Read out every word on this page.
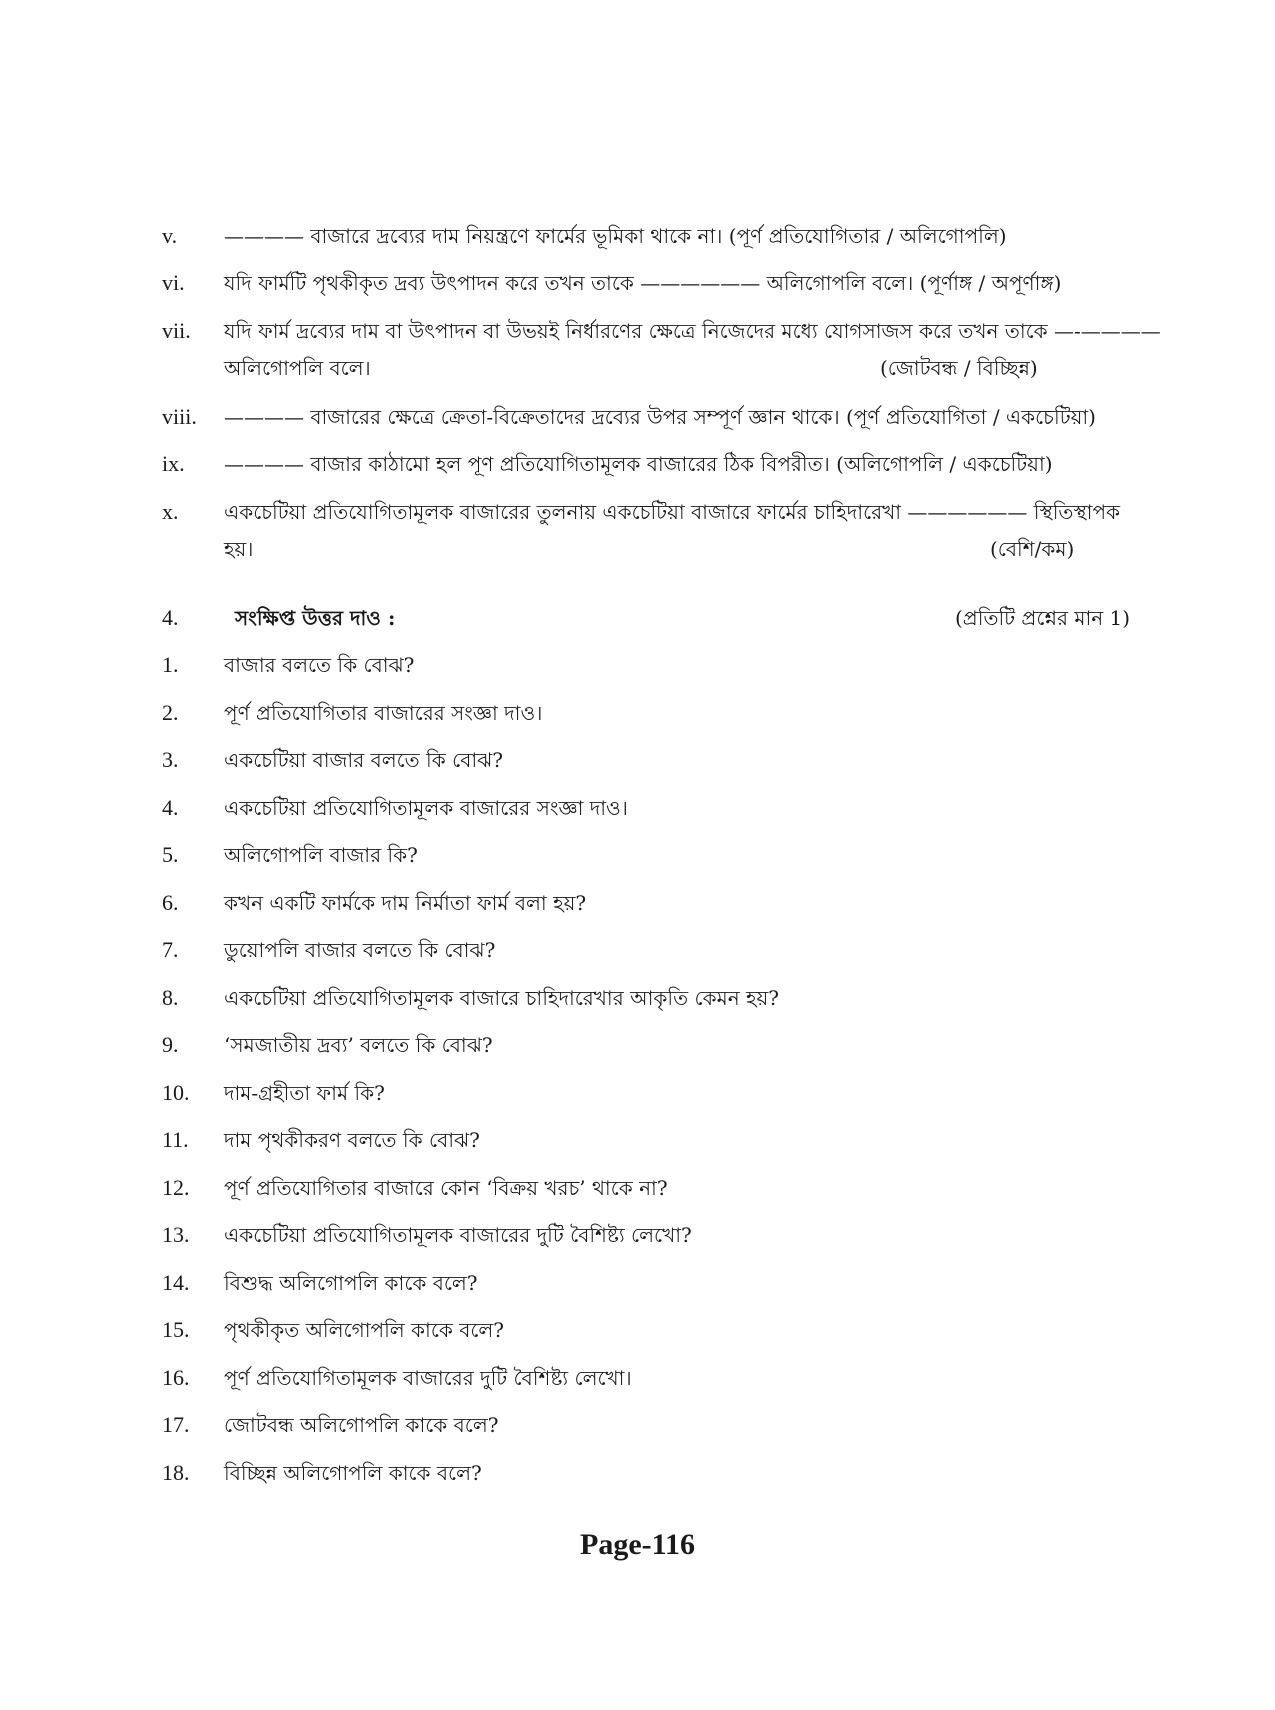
v.	———— বাজারে দ্রব্যের দাম নিয়ন্ত্রণে ফার্মের ভূমিকা থাকে না। (পূর্ণ প্রতিযোগিতার / অলিগোপলি)
vi.	যদি ফার্মটি পৃথকীকৃত দ্রব্য উৎপাদন করে তখন তাকে —————— অলিগোপলি বলে। (পূর্ণাঙ্গ / অপূর্ণাঙ্গ)
vii.	যদি ফার্ম দ্রব্যের দাম বা উৎপাদন বা উভয়ই নির্ধারণের ক্ষেত্রে নিজেদের মধ্যে যোগসাজস করে তখন তাকে —-————
অলিগোপলি বলে।	(জোটবন্ধ / বিচ্ছিন্ন)
viii.	———— বাজারের ক্ষেত্রে ক্রেতা-বিক্রেতাদের দ্রব্যের উপর সম্পূর্ণ জ্ঞান থাকে। (পূর্ণ প্রতিযোগিতা / একচেটিয়া)
ix.	———— বাজার কাঠামো হল পূণ প্রতিযোগিতামূলক বাজারের ঠিক বিপরীত। (অলিগোপলি / একচেটিয়া)
x.	একচেটিয়া প্রতিযোগিতামূলক বাজারের তুলনায় একচেটিয়া বাজারে ফার্মের চাহিদারেখা —————— স্থিতিস্থাপক
হয়।	(বেশি/কম)
4.	সংক্ষিপ্ত উত্তর দাও :	(প্রতিটি প্রশ্নের মান 1)
1.	বাজার বলতে কি বোঝ?
2.	পূর্ণ প্রতিযোগিতার বাজারের সংজ্ঞা দাও।
3.	একচেটিয়া বাজার বলতে কি বোঝ?
4.	একচেটিয়া প্রতিযোগিতামূলক বাজারের সংজ্ঞা দাও।
5.	অলিগোপলি বাজার কি?
6.	কখন একটি ফার্মকে দাম নির্মাতা ফার্ম বলা হয়?
7.	ডুয়োপলি বাজার বলতে কি বোঝ?
8.	একচেটিয়া প্রতিযোগিতামূলক বাজারে চাহিদারেখার আকৃতি কেমন হয়?
9.	‘সমজাতীয় দ্রব্য’ বলতে কি বোঝ?
10.	দাম-গ্রহীতা ফার্ম কি?
11.	দাম পৃথকীকরণ বলতে কি বোঝ?
12.	পূর্ণ প্রতিযোগিতার বাজারে কোন ‘বিক্রয় খরচ’ থাকে না?
13.	একচেটিয়া প্রতিযোগিতামূলক বাজারের দুটি বৈশিষ্ট্য লেখো?
14.	বিশুদ্ধ অলিগোপলি কাকে বলে?
15.	পৃথকীকৃত অলিগোপলি কাকে বলে?
16.	পূর্ণ প্রতিযোগিতামূলক বাজারের দুটি বৈশিষ্ট্য লেখো।
17.	জোটবন্ধ অলিগোপলি কাকে বলে?
18.	বিচ্ছিন্ন অলিগোপলি কাকে বলে?
Page-116
